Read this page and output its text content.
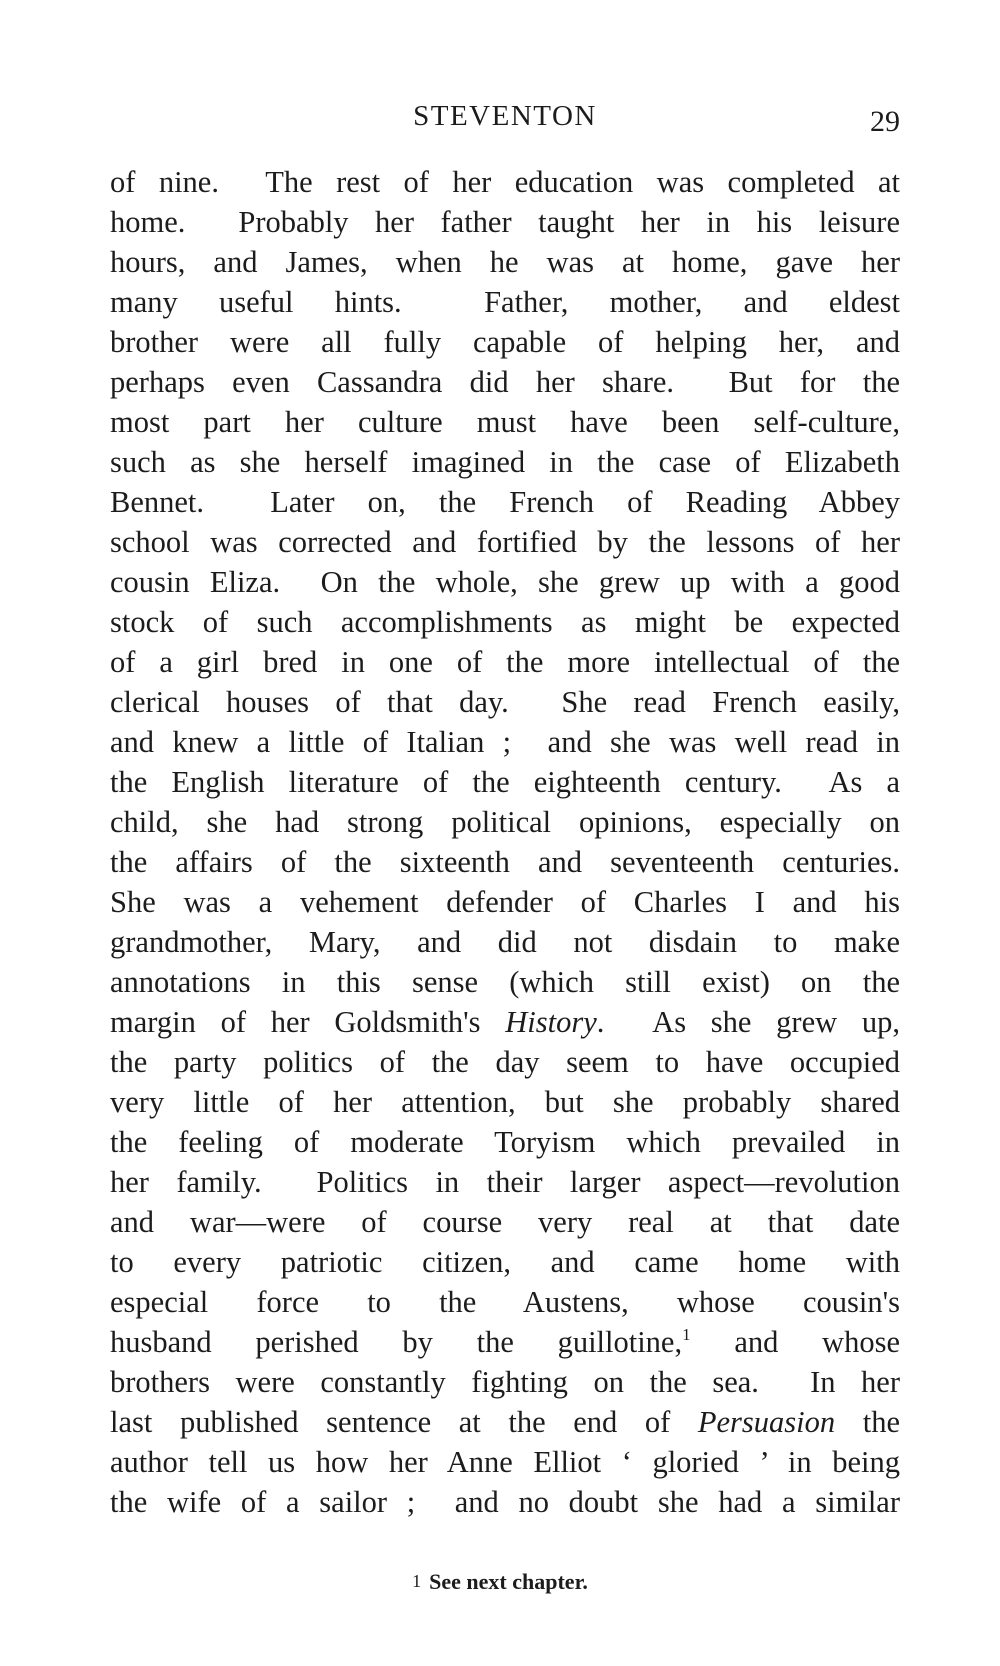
STEVENTON	29
of nine.  The rest of her education was completed at
home.  Probably her father taught her in his leisure
hours, and James, when he was at home, gave her
many useful hints.  Father, mother, and eldest
brother were all fully capable of helping her, and
perhaps even Cassandra did her share.  But for the
most part her culture must have been self-culture,
such as she herself imagined in the case of Elizabeth
Bennet.  Later on, the French of Reading Abbey
school was corrected and fortified by the lessons of her
cousin Eliza.  On the whole, she grew up with a good
stock of such accomplishments as might be expected
of a girl bred in one of the more intellectual of the
clerical houses of that day.  She read French easily,
and knew a little of Italian ;  and she was well read in
the English literature of the eighteenth century.  As a
child, she had strong political opinions, especially on
the affairs of the sixteenth and seventeenth centuries.
She was a vehement defender of Charles I and his
grandmother, Mary, and did not disdain to make
annotations in this sense (which still exist) on the
margin of her Goldsmith's History.  As she grew up,
the party politics of the day seem to have occupied
very little of her attention, but she probably shared
the feeling of moderate Toryism which prevailed in
her family.  Politics in their larger aspect—revolution
and war—were of course very real at that date
to every patriotic citizen, and came home with
especial force to the Austens, whose cousin's
husband perished by the guillotine,$^1$ and whose
brothers were constantly fighting on the sea.  In her
last published sentence at the end of Persuasion the
author tell us how her Anne Elliot ‘ gloried ’ in being
the wife of a sailor ;  and no doubt she had a similar
1 See next chapter.
